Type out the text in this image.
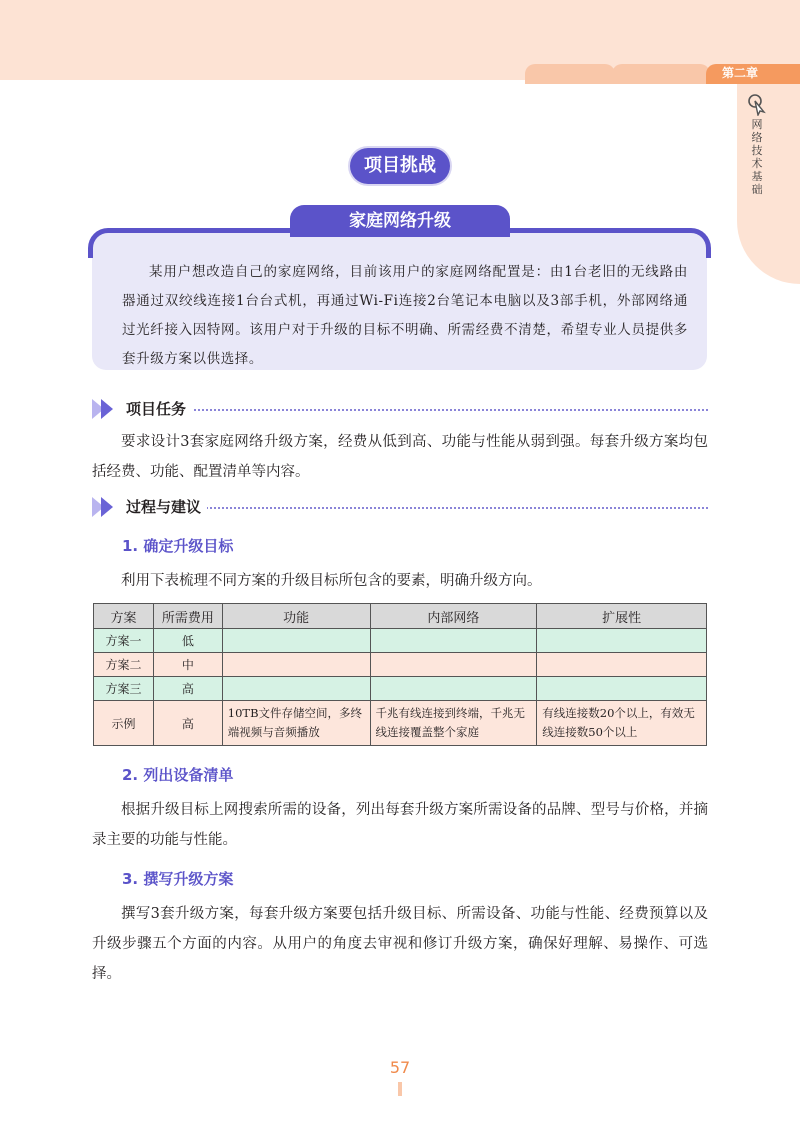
第二章
网络技术基础
项目挑战
家庭网络升级
某用户想改造自己的家庭网络，目前该用户的家庭网络配置是：由1台老旧的无线路由器通过双绞线连接1台台式机，再通过Wi-Fi连接2台笔记本电脑以及3部手机，外部网络通过光纤接入因特网。该用户对于升级的目标不明确、所需经费不清楚，希望专业人员提供多套升级方案以供选择。
项目任务
要求设计3套家庭网络升级方案，经费从低到高、功能与性能从弱到强。每套升级方案均包括经费、功能、配置清单等内容。
过程与建议
1. 确定升级目标
利用下表梳理不同方案的升级目标所包含的要素，明确升级方向。
方案	所需费用	功能	内部网络	扩展性
方案一	低			
方案二	中			
方案三	高			
示例	高	10TB文件存储空间，多终端视频与音频播放	千兆有线连接到终端，千兆无线连接覆盖整个家庭	有线连接数20个以上，有效无线连接数50个以上
2. 列出设备清单
根据升级目标上网搜索所需的设备，列出每套升级方案所需设备的品牌、型号与价格，并摘录主要的功能与性能。
3. 撰写升级方案
撰写3套升级方案，每套升级方案要包括升级目标、所需设备、功能与性能、经费预算以及升级步骤五个方面的内容。从用户的角度去审视和修订升级方案，确保好理解、易操作、可选择。
57
